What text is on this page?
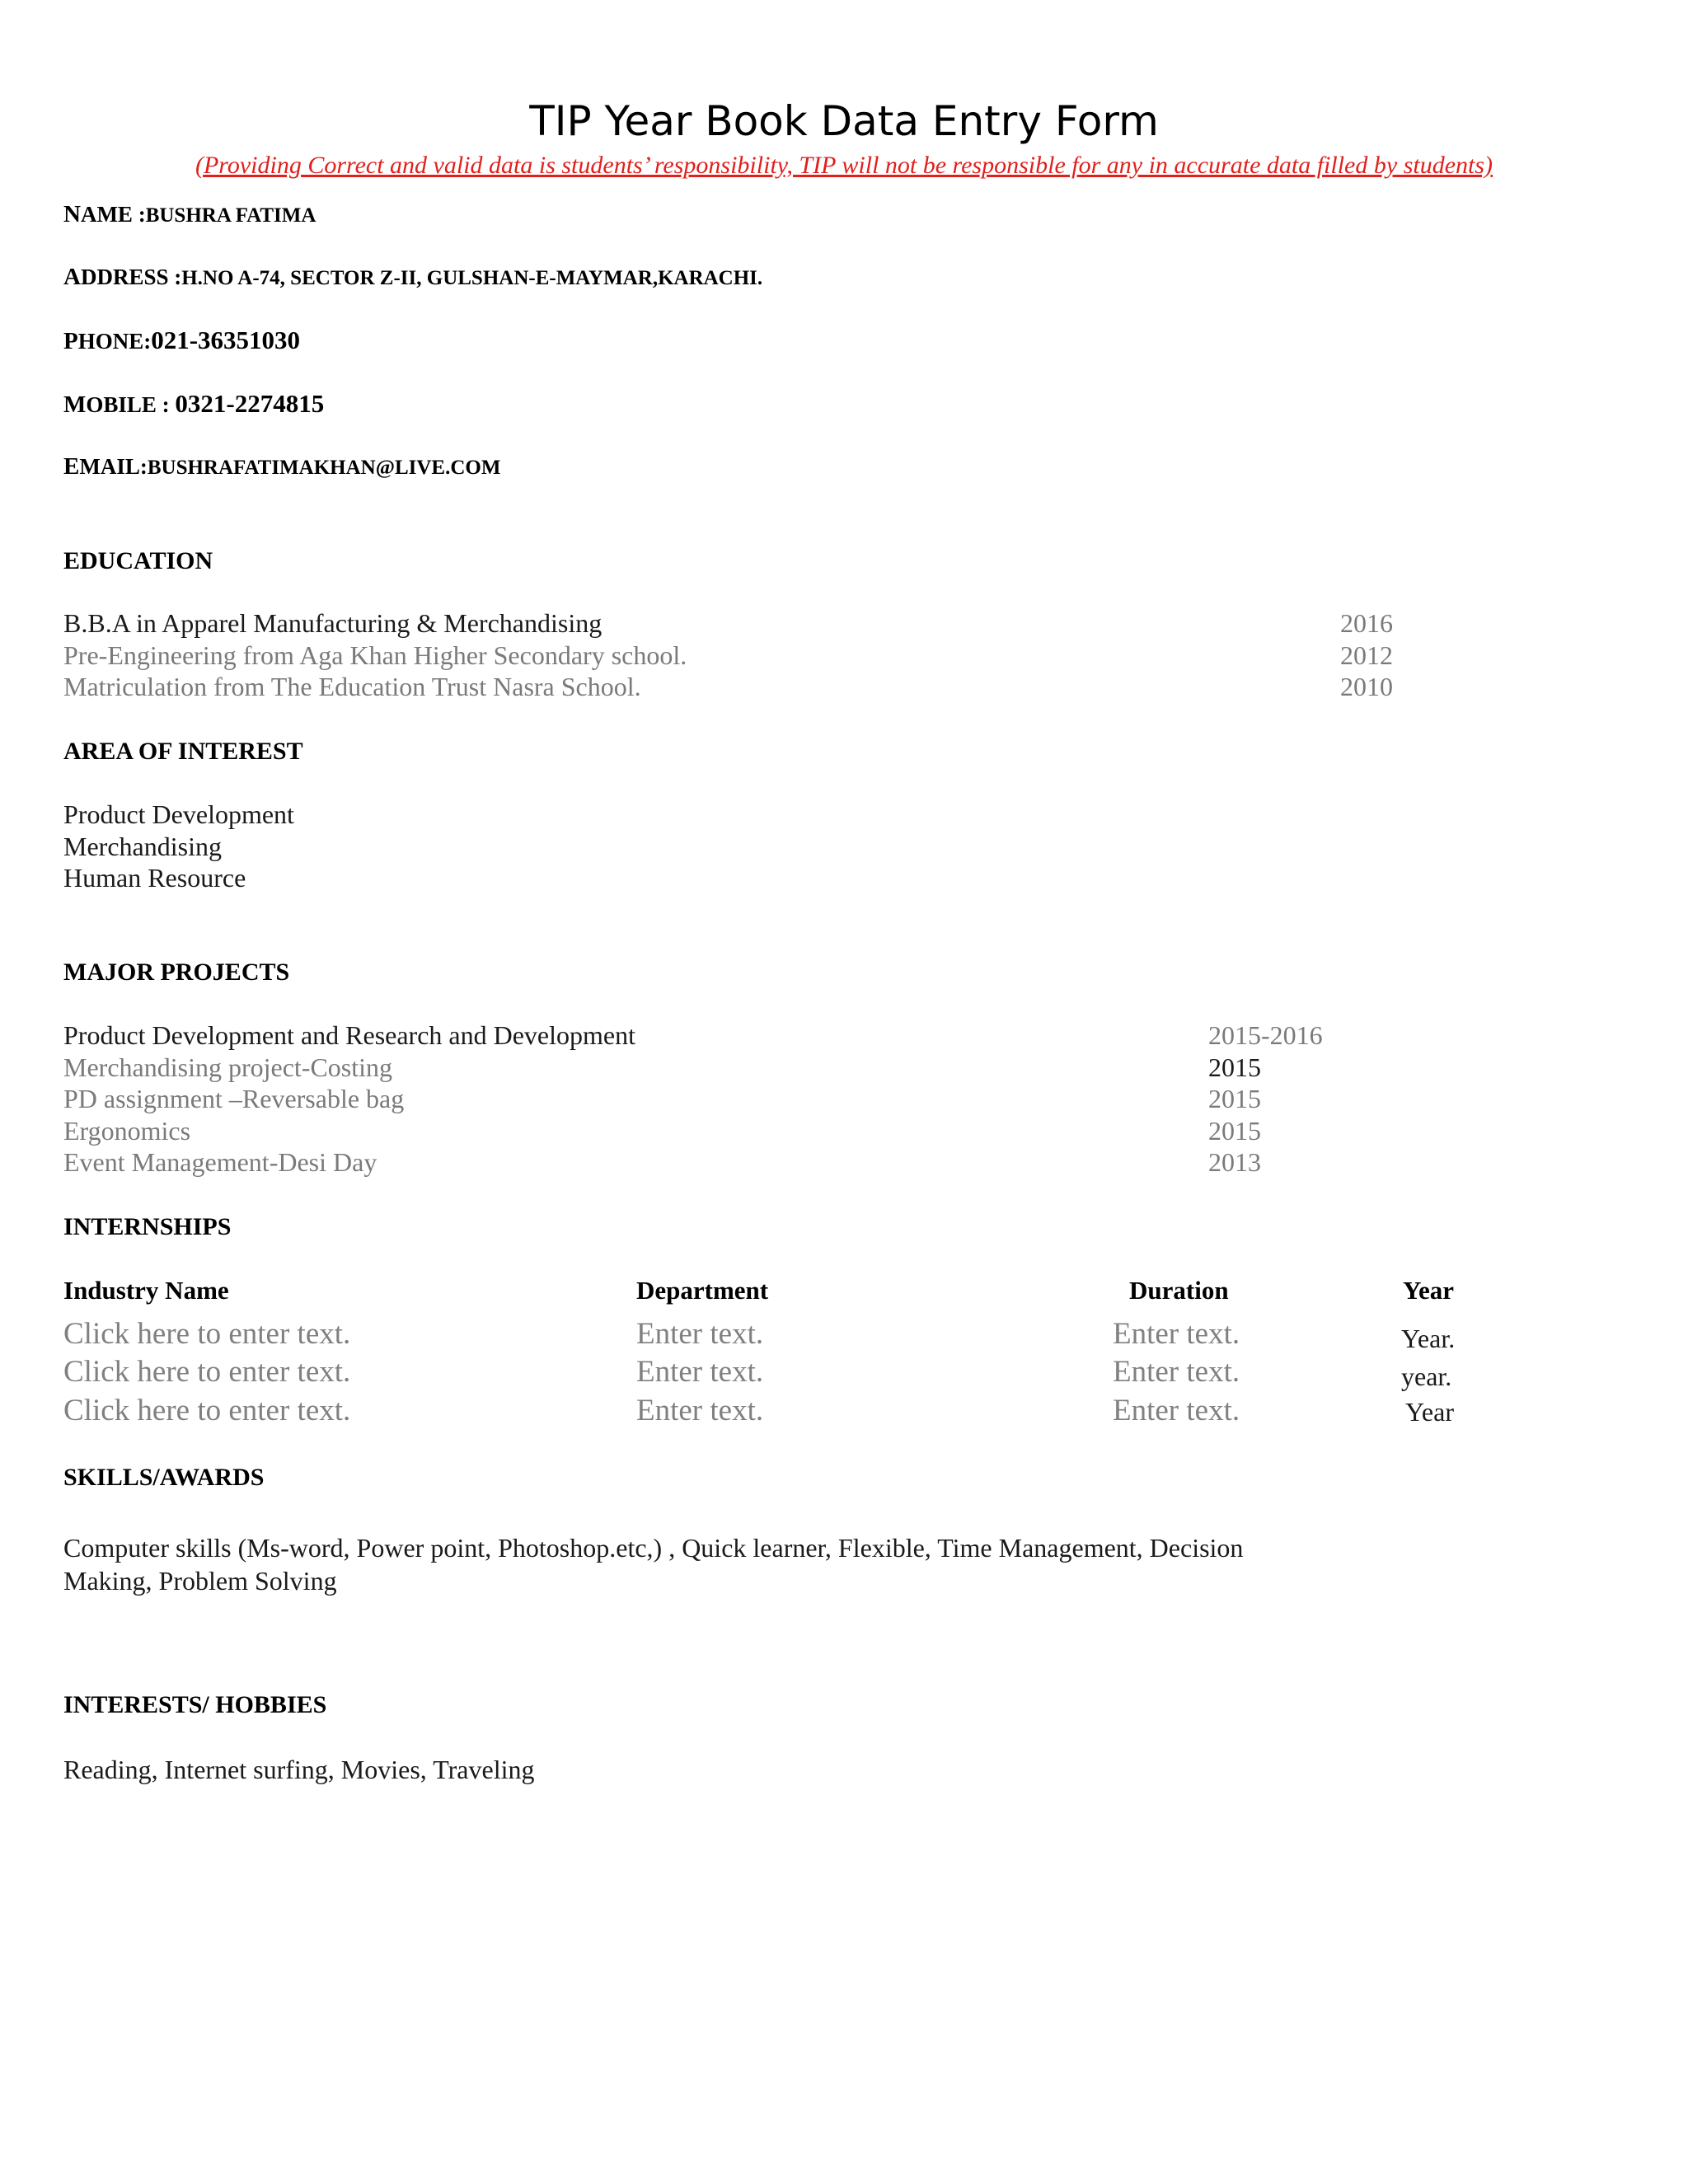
TIP Year Book Data Entry Form
(Providing Correct and valid data is students’ responsibility, TIP will not be responsible for any in accurate data filled by students)
NAME :BUSHRA FATIMA
ADDRESS :H.NO A-74, SECTOR Z-II, GULSHAN-E-MAYMAR,KARACHI.
PHONE:021-36351030
MOBILE : 0321-2274815
EMAIL:BUSHRAFATIMAKHAN@LIVE.COM
EDUCATION
B.B.A in Apparel Manufacturing & Merchandising	2016
Pre-Engineering from Aga Khan Higher Secondary school.	2012
Matriculation from The Education Trust Nasra School.	2010
AREA OF INTEREST
Product Development
Merchandising
Human Resource
MAJOR PROJECTS
Product Development and Research and Development	2015-2016
Merchandising project-Costing	2015
PD assignment –Reversable bag	2015
Ergonomics	2015
Event Management-Desi Day	2013
INTERNSHIPS
Industry Name	Department	Duration	Year
Click here to enter text.	Enter text.	Enter text.	Year.
Click here to enter text.	Enter text.	Enter text.	year.
Click here to enter text.	Enter text.	Enter text.	Year
SKILLS/AWARDS
Computer skills (Ms-word, Power point, Photoshop.etc,) , Quick learner, Flexible, Time Management, Decision
Making, Problem Solving
INTERESTS/ HOBBIES
Reading, Internet surfing, Movies, Traveling
